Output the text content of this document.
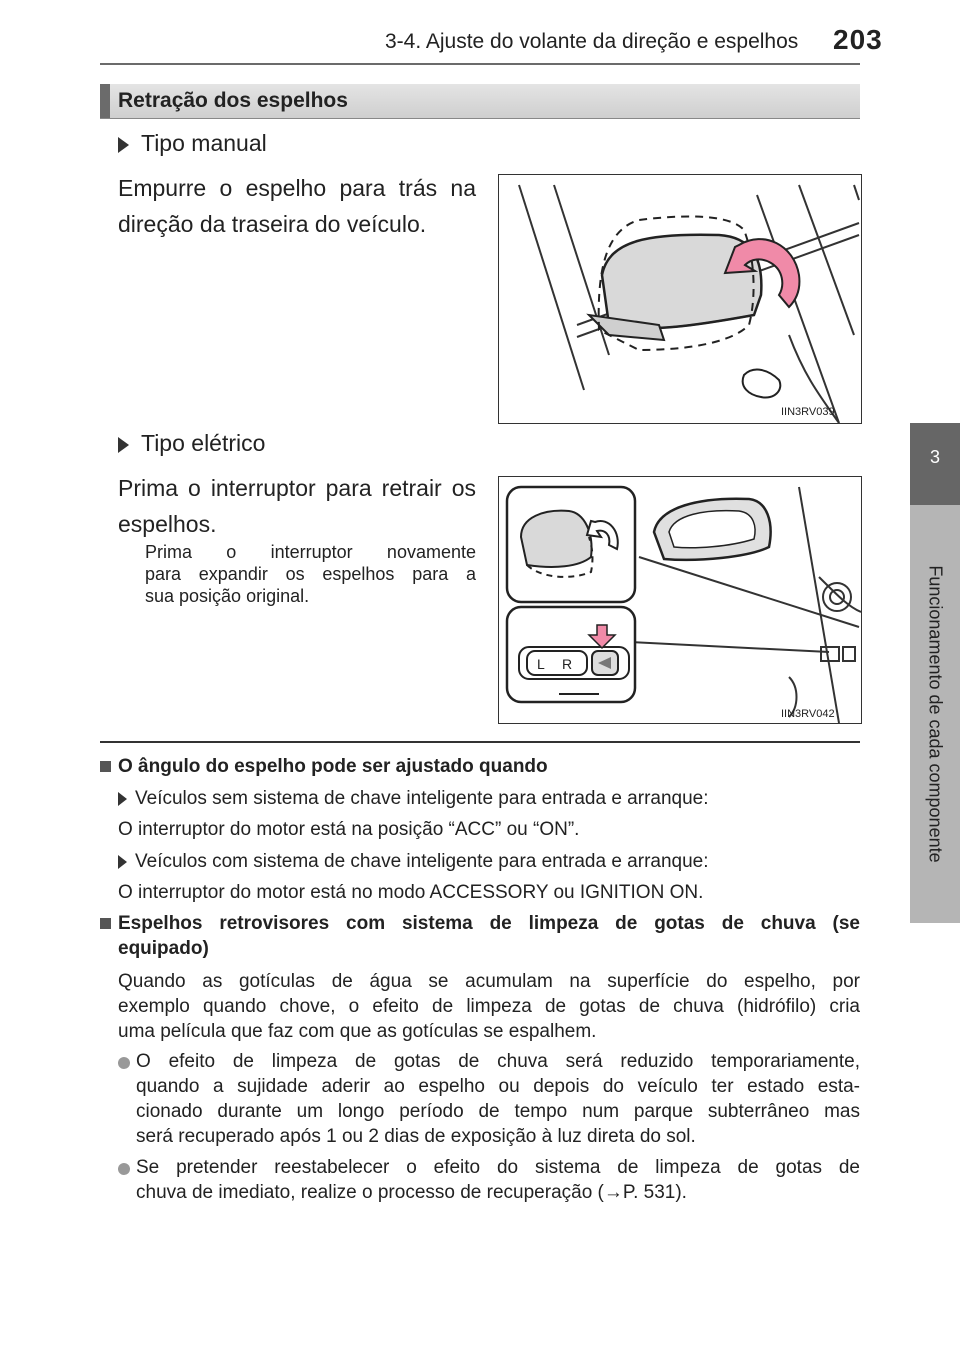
3-4. Ajuste do volante da direção e espelhos 203
3
Funcionamento de cada componente
Retração dos espelhos
Tipo manual
Empurre o espelho para trás na
direção da traseira do veículo.
IIN3RV039
Tipo elétrico
Prima o interruptor para retrair os
espelhos.
Prima o interruptor novamente
para expandir os espelhos para a
sua posição original.
L R
IIN3RV042
O ângulo do espelho pode ser ajustado quando
Veículos sem sistema de chave inteligente para entrada e arranque:
O interruptor do motor está na posição “ACC” ou “ON”.
Veículos com sistema de chave inteligente para entrada e arranque:
O interruptor do motor está no modo ACCESSORY ou IGNITION ON.
Espelhos retrovisores com sistema de limpeza de gotas de chuva (se
equipado)
Quando as gotículas de água se acumulam na superfície do espelho, por
exemplo quando chove, o efeito de limpeza de gotas de chuva (hidrófilo) cria
uma película que faz com que as gotículas se espalhem.
O efeito de limpeza de gotas de chuva será reduzido temporariamente,
quando a sujidade aderir ao espelho ou depois do veículo ter estado esta-
cionado durante um longo período de tempo num parque subterrâneo mas
será recuperado após 1 ou 2 dias de exposição à luz direta do sol.
Se pretender reestabelecer o efeito do sistema de limpeza de gotas de
chuva de imediato, realize o processo de recuperação (→P. 531).
